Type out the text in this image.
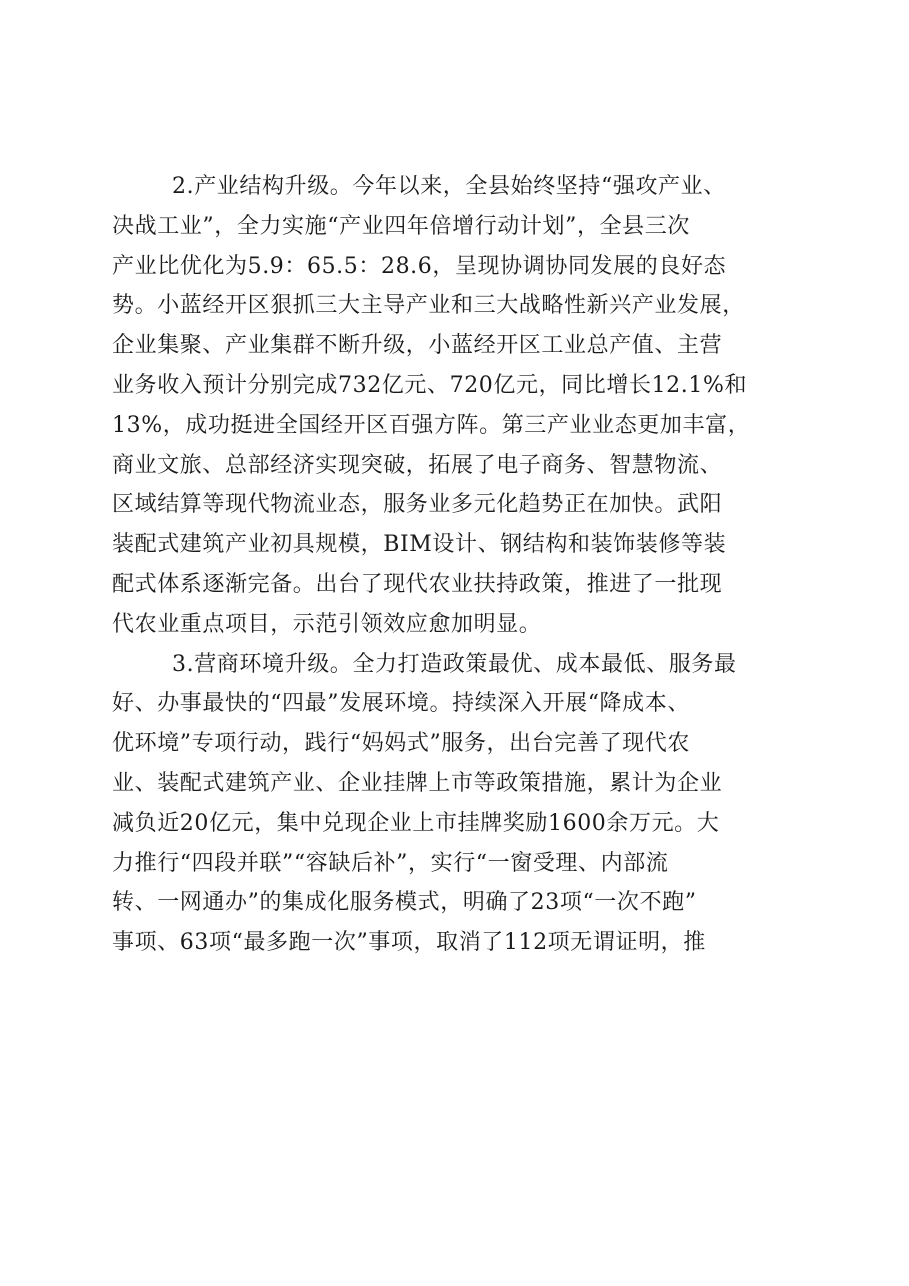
2.产业结构升级。今年以来，全县始终坚持“强攻产业、
决战工业”，全力实施“产业四年倍增行动计划”，全县三次
产业比优化为5.9：65.5：28.6，呈现协调协同发展的良好态
势。小蓝经开区狠抓三大主导产业和三大战略性新兴产业发展，
企业集聚、产业集群不断升级，小蓝经开区工业总产值、主营
业务收入预计分别完成732亿元、720亿元，同比增长12.1%和
13%，成功挺进全国经开区百强方阵。第三产业业态更加丰富，
商业文旅、总部经济实现突破，拓展了电子商务、智慧物流、
区域结算等现代物流业态，服务业多元化趋势正在加快。武阳
装配式建筑产业初具规模，BIM设计、钢结构和装饰装修等装
配式体系逐渐完备。出台了现代农业扶持政策，推进了一批现
代农业重点项目，示范引领效应愈加明显。
3.营商环境升级。全力打造政策最优、成本最低、服务最
好、办事最快的“四最”发展环境。持续深入开展“降成本、
优环境”专项行动，践行“妈妈式”服务，出台完善了现代农
业、装配式建筑产业、企业挂牌上市等政策措施，累计为企业
减负近20亿元，集中兑现企业上市挂牌奖励1600余万元。大
力推行“四段并联”“容缺后补”，实行“一窗受理、内部流
转、一网通办”的集成化服务模式，明确了23项“一次不跑”
事项、63项“最多跑一次”事项，取消了112项无谓证明，推
